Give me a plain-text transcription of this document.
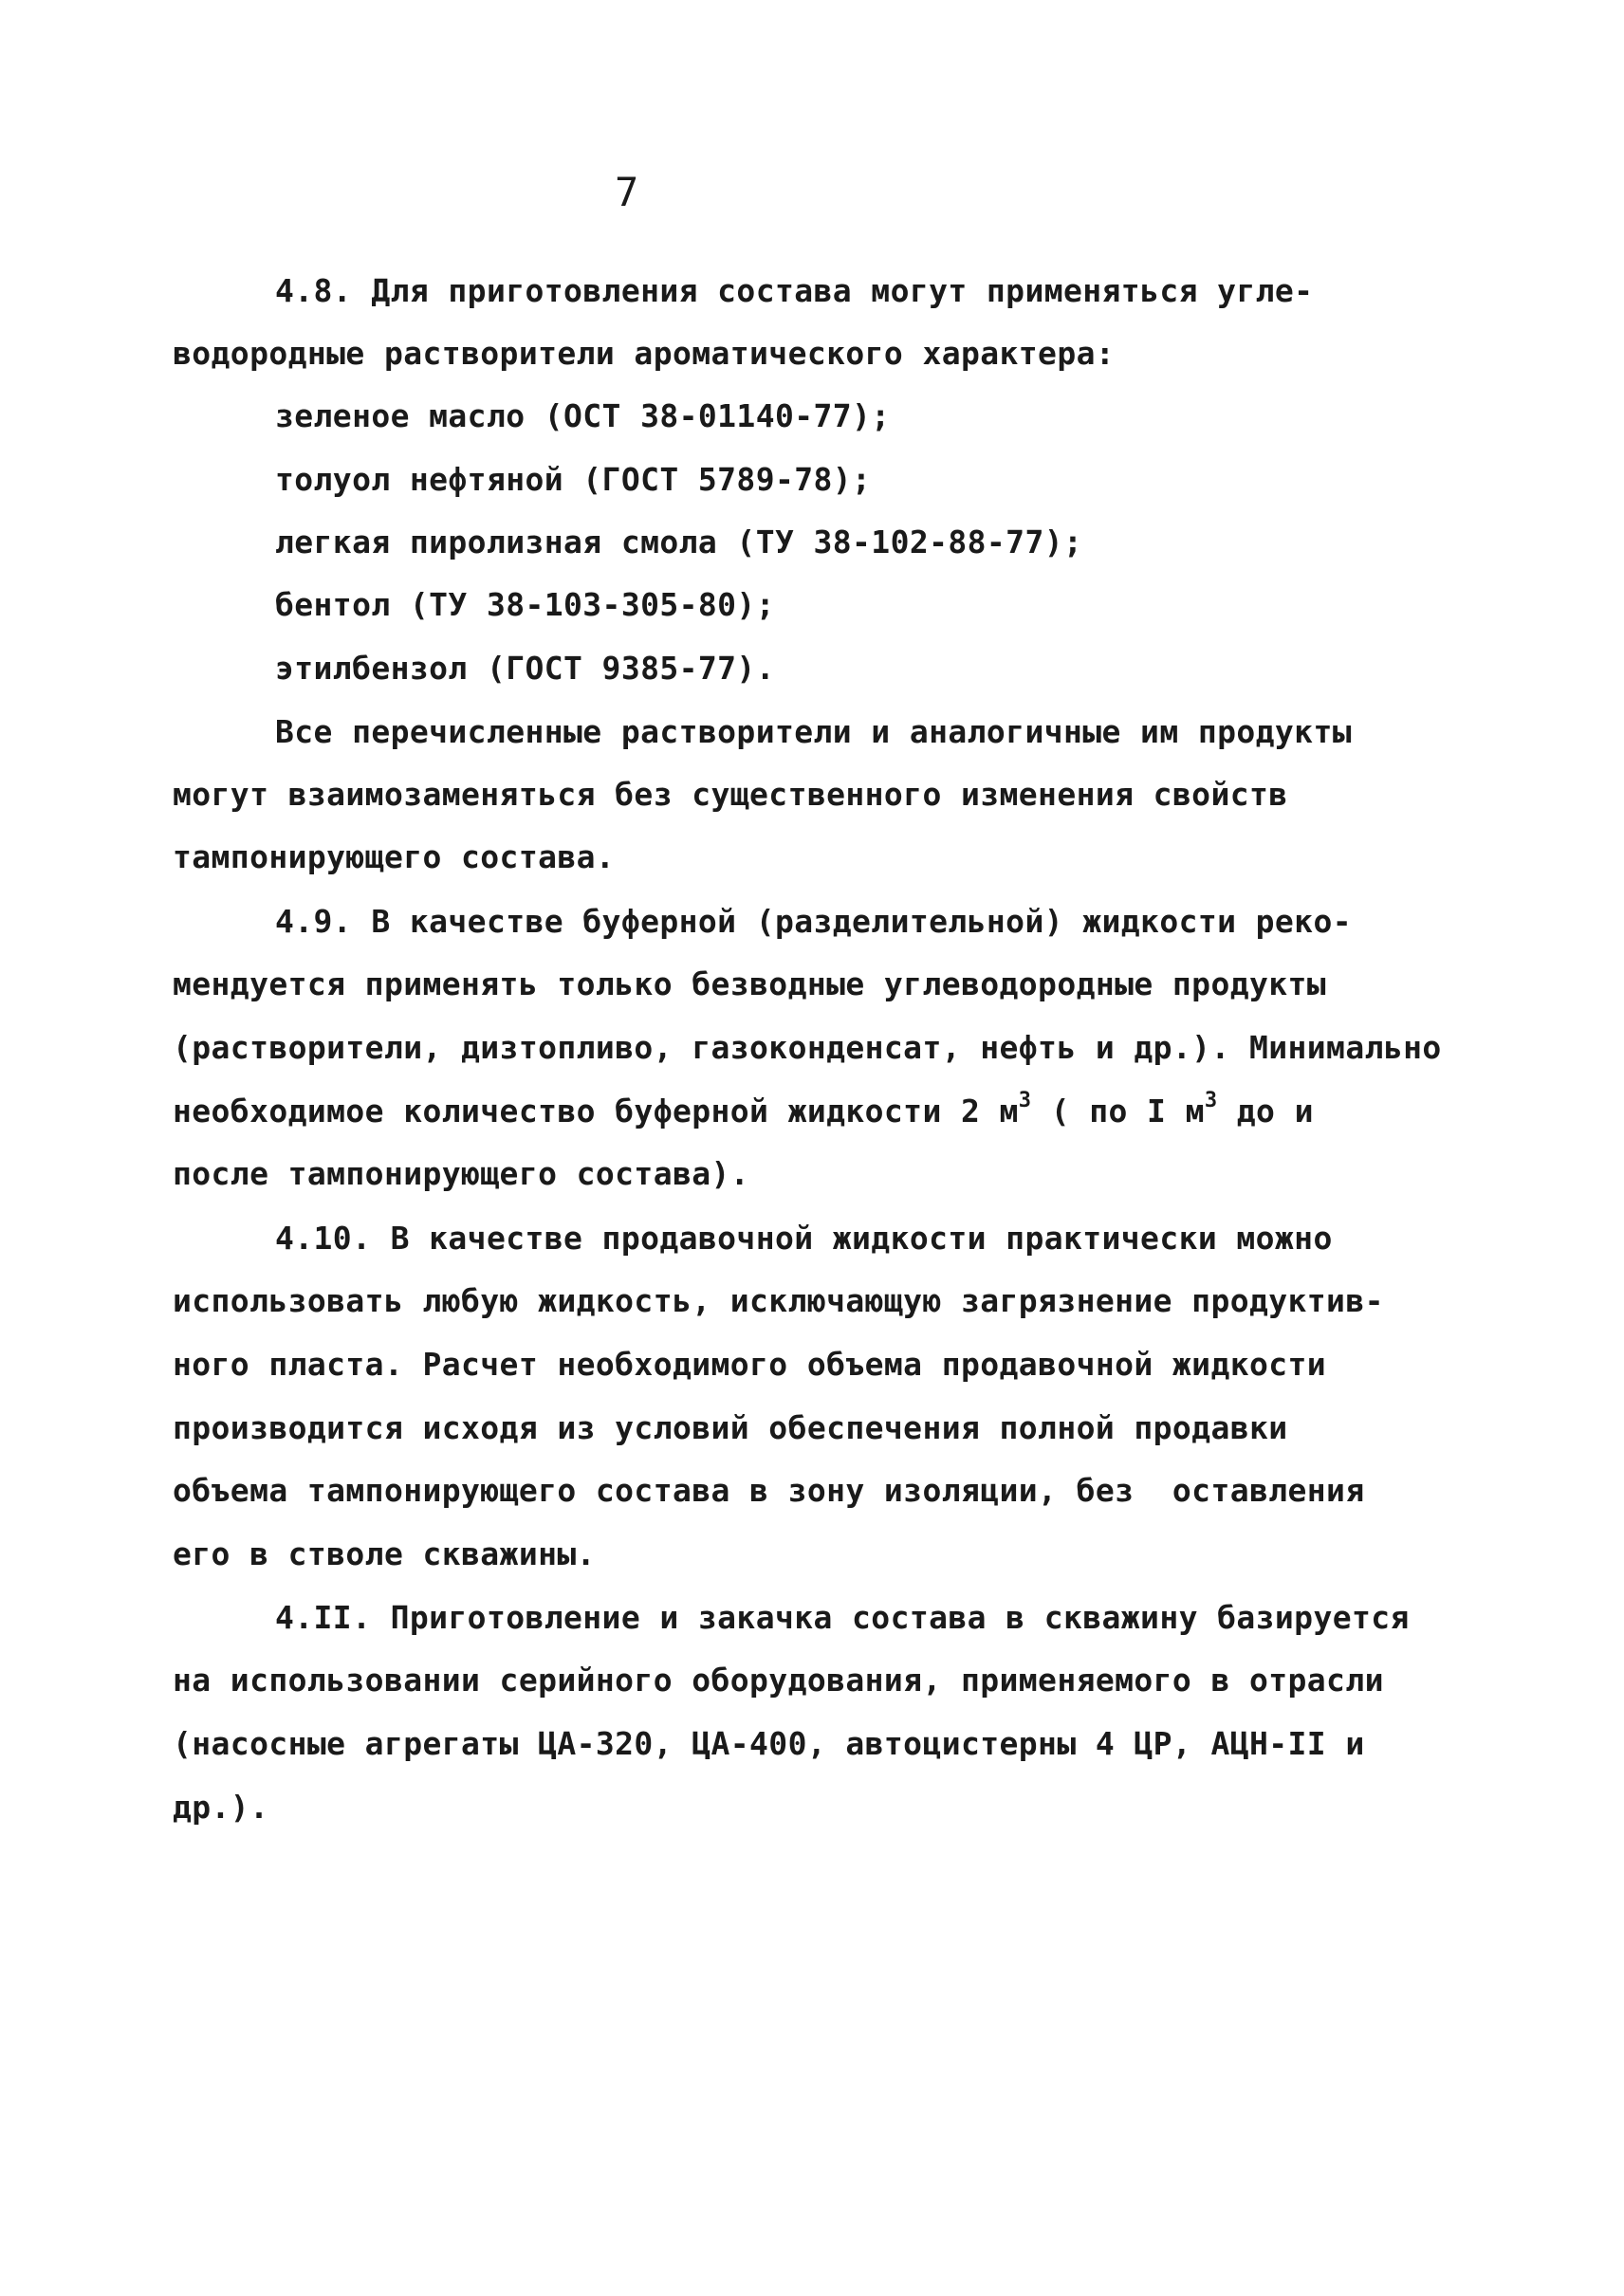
7
4.8. Для приготовления состава могут применяться угле-
водородные растворители ароматического характера:
зеленое масло (ОСТ 38-01140-77);
толуол нефтяной (ГОСТ 5789-78);
легкая пиролизная смола (ТУ 38-102-88-77);
бентол (ТУ 38-103-305-80);
этилбензол (ГОСТ 9385-77).
Все перечисленные растворители и аналогичные им продукты
могут взаимозаменяться без существенного изменения свойств
тампонирующего состава.
4.9. В качестве буферной (разделительной) жидкости реко-
мендуется применять только безводные углеводородные продукты
(растворители, дизтопливо, газоконденсат, нефть и др.). Минимально
необходимое количество буферной жидкости 2 $м^3$ ( по I $м^3$ до и
после тампонирующего состава).
4.10. В качестве продавочной жидкости практически можно
использовать любую жидкость, исключающую загрязнение продуктив-
ного пласта. Расчет необходимого объема продавочной жидкости
производится исходя из условий обеспечения полной продавки
объема тампонирующего состава в зону изоляции, без  оставления
его в стволе скважины.
4.II. Приготовление и закачка состава в скважину базируется
на использовании серийного оборудования, применяемого в отрасли
(насосные агрегаты ЦА-320, ЦА-400, автоцистерны 4 ЦР, АЦН-II и
др.).
